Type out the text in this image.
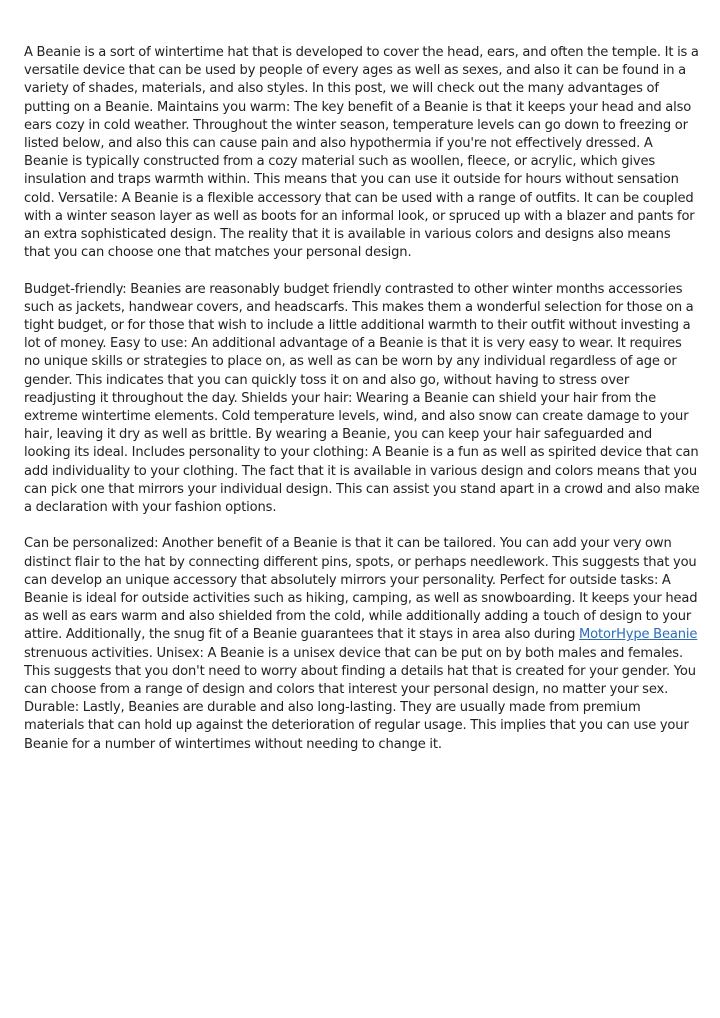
A Beanie is a sort of wintertime hat that is developed to cover the head, ears, and often the temple. It is a versatile device that can be used by people of every ages as well as sexes, and also it can be found in a variety of shades, materials, and also styles. In this post, we will check out the many advantages of putting on a Beanie. Maintains you warm: The key benefit of a Beanie is that it keeps your head and also ears cozy in cold weather. Throughout the winter season, temperature levels can go down to freezing or listed below, and also this can cause pain and also hypothermia if you're not effectively dressed. A Beanie is typically constructed from a cozy material such as woollen, fleece, or acrylic, which gives insulation and traps warmth within. This means that you can use it outside for hours without sensation cold. Versatile: A Beanie is a flexible accessory that can be used with a range of outfits. It can be coupled with a winter season layer as well as boots for an informal look, or spruced up with a blazer and pants for an extra sophisticated design. The reality that it is available in various colors and designs also means that you can choose one that matches your personal design.

Budget-friendly: Beanies are reasonably budget friendly contrasted to other winter months accessories such as jackets, handwear covers, and headscarfs. This makes them a wonderful selection for those on a tight budget, or for those that wish to include a little additional warmth to their outfit without investing a lot of money. Easy to use: An additional advantage of a Beanie is that it is very easy to wear. It requires no unique skills or strategies to place on, as well as can be worn by any individual regardless of age or gender. This indicates that you can quickly toss it on and also go, without having to stress over readjusting it throughout the day. Shields your hair: Wearing a Beanie can shield your hair from the extreme wintertime elements. Cold temperature levels, wind, and also snow can create damage to your hair, leaving it dry as well as brittle. By wearing a Beanie, you can keep your hair safeguarded and looking its ideal. Includes personality to your clothing: A Beanie is a fun as well as spirited device that can add individuality to your clothing. The fact that it is available in various design and colors means that you can pick one that mirrors your individual design. This can assist you stand apart in a crowd and also make a declaration with your fashion options.

Can be personalized: Another benefit of a Beanie is that it can be tailored. You can add your very own distinct flair to the hat by connecting different pins, spots, or perhaps needlework. This suggests that you can develop an unique accessory that absolutely mirrors your personality. Perfect for outside tasks: A Beanie is ideal for outside activities such as hiking, camping, as well as snowboarding. It keeps your head as well as ears warm and also shielded from the cold, while additionally adding a touch of design to your attire. Additionally, the snug fit of a Beanie guarantees that it stays in area also during MotorHype Beanie strenuous activities. Unisex: A Beanie is a unisex device that can be put on by both males and females. This suggests that you don't need to worry about finding a details hat that is created for your gender. You can choose from a range of design and colors that interest your personal design, no matter your sex. Durable: Lastly, Beanies are durable and also long-lasting. They are usually made from premium materials that can hold up against the deterioration of regular usage. This implies that you can use your Beanie for a number of wintertimes without needing to change it.
